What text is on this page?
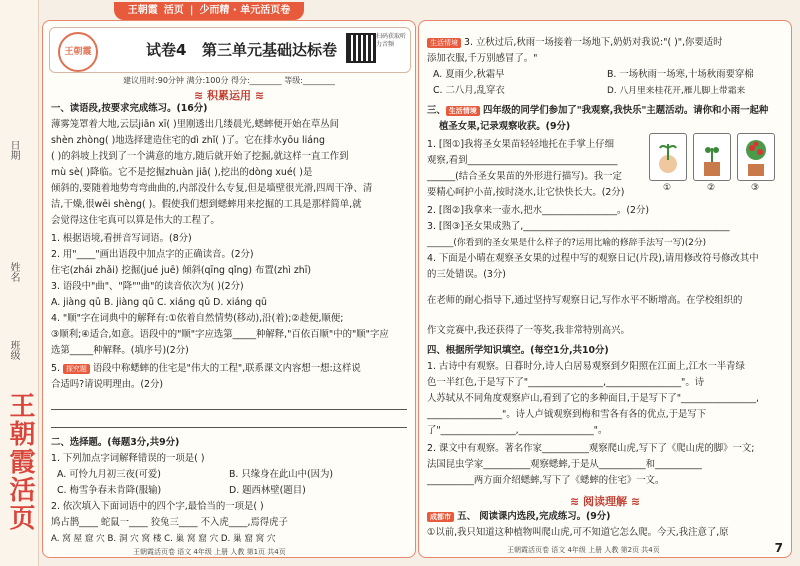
日期
姓名
班级
王朝霞活页
王朝霞 活页 | 少而精 · 单元活页卷
王朝霞	试卷4 第三单元基础达标卷
扫码获取听力音频
建议用时:90分钟 满分:100分 得分:________ 等级:________
≋ 积累运用 ≋
一、读语段,按要求完成练习。(16分)
薄雾笼罩着大地,云层jiān xī( )里刚透出几缕晨光,蟋蟀便开始在草丛间
shèn zhòng( )地选择建造住宅的dì zhǐ( )了。它在排水yōu liáng
( )的斜坡上找到了一个满意的地方,随后就开始了挖掘,就这样一直工作到
mù sè( )降临。它不是挖掘zhuàn jiā( ),挖出的dòng xué( )是
倾斜的,要随着地势弯弯曲曲的,内部没什么专复,但是墙壁很光滑,四周干净、清
洁,干燥,很wēi shèng( )。假使我们想到蟋蟀用来挖掘的工具是那样简单,就
会觉得这住宅真可以算是伟大的工程了。
1. 根据语境,看拼音写词语。(8分)
2. 用"____"画出语段中加点字的正确读音。(2分)
住宅(zhái zhǎi) 挖掘(jué juē) 倾斜(qīng qǐng) 布置(zhì zhī)
3. 语段中"曲"、"降""曲"的读音依次为( )(2分)
A. jiàng qǔ B. jiàng qū C. xiáng qǔ D. xiáng qū
4. "顺"字在词典中的解释有:①依着自然情势(移动),沿(着);②趁便,顺便;
③顺利;④适合,如意。语段中的"顺"字应选第_____种解释,"百依百顺"中的"顺"字应
选第_____种解释。(填序号)(2分)
5. 探究题 语段中称蟋蟀的住宅是"伟大的工程",联系课文内容想一想:这样说
合适吗?请说明理由。(2分)
二、选择题。(每题3分,共9分)
1. 下列加点字词解释错误的一项是( )
A. 可怜九月初三夜(可爱)	B. 只缘身在此山中(因为)
C. 梅雪争春未肯降(服输)	D. 题西林壁(题目)
2. 依次填入下面词语中的四个字,最恰当的一项是( )
鸠占鹊____ 蛇鼠一____ 狡兔三____ 不入虎____,焉得虎子
A. 窝 屋 窟 穴 B. 洞 穴 窝 楼 C. 巢 窝 窟 穴 D. 巢 窟 窝 穴
王朝霞活页卷 语文 4年级 上册 人教 第1页 共4页
生活情境 3. 立秋过后,秋雨一场接着一场地下,奶奶对我说:"( )",你要适时
添加衣服,千万别感冒了。"
A. 夏雨少,秋霜早	B. 一场秋雨一场寒,十场秋雨要穿棉
C. 二八月,乱穿衣	D. 八月里来桂花开,雁儿脚上带霜来
三、 生活情境 四年级的同学们参加了"我观察,我快乐"主题活动。请你和小雨一起种
植圣女果,记录观察收获。(9分)
1. [图①]我将圣女果苗轻轻地托在手掌上仔细
观察,看到________________________________
______(结合圣女果苗的外形进行描写)。我一定
要精心呵护小苗,按时浇水,让它快快长大。(2分)	①	②	③
2. [图②]我拿来一壶水,把水________________。(2分)
3. [图③]圣女果成熟了,____________________________________________
______(你看到的圣女果是什么样子的?运用比喻的修辞手法写一写)(2分)
4. 下面是小晴在观察圣女果的过程中写的观察日记(片段),请用修改符号修改其中
的三处错误。(3分)
在老师的耐心指导下,通过坚持写观察日记,写作水平不断增高。在学校组织的
作文竞赛中,我还获得了一等奖,我非常特别高兴。
四、根据所学知识填空。(每空1分,共10分)
1. 古诗中有观察。日暮时分,诗人白居易观察到夕阳照在江面上,江水一半青绿
色一半红色,于是写下了"________________,________________"。诗
人苏轼从不同角度观察庐山,看到了它的多种面目,于是写下了"________________,
________________"。诗人卢钺观察到梅和雪各有各的优点,于是写下
了"________________,________________"。
2. 课文中有观察。著名作家__________观察爬山虎,写下了《爬山虎的脚》一文;
法国昆虫学家__________观察蟋蟀,于是从__________和__________
__________两方面介绍蟋蟀,写下了《蟋蟀的住宅》一文。
≋ 阅读理解 ≋
成都市 五、 阅读课内选段,完成练习。(9分)
①以前,我只知道这种植物叫爬山虎,可不知道它怎么爬。今天,我注意了,原
王朝霞活页卷 语文 4年级 上册 人教 第2页 共4页	7
